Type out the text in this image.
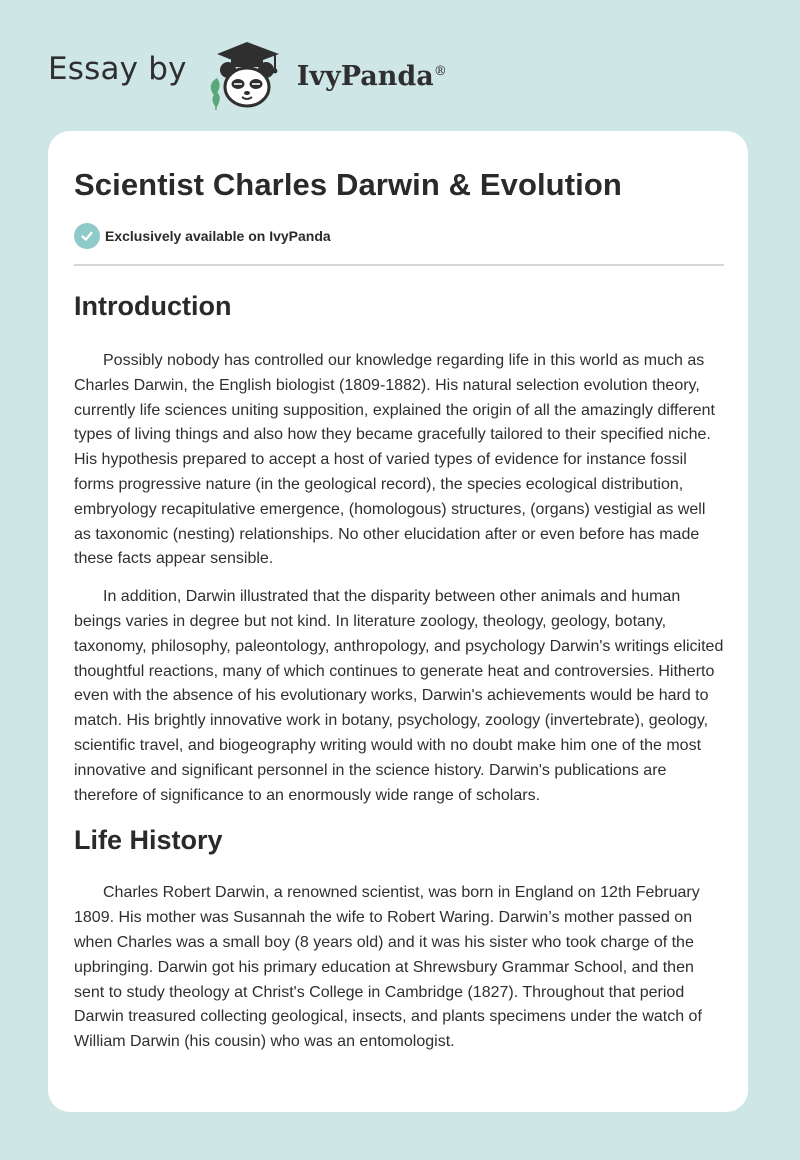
Essay by	IvyPanda®
Scientist Charles Darwin & Evolution
Exclusively available on IvyPanda
Introduction

Possibly nobody has controlled our knowledge regarding life in this world as much as Charles Darwin, the English biologist (1809-1882). His natural selection evolution theory, currently life sciences uniting supposition, explained the origin of all the amazingly different types of living things and also how they became gracefully tailored to their specified niche. His hypothesis prepared to accept a host of varied types of evidence for instance fossil forms progressive nature (in the geological record), the species ecological distribution, embryology recapitulative emergence, (homologous) structures, (organs) vestigial as well as taxonomic (nesting) relationships. No other elucidation after or even before has made these facts appear sensible.

In addition, Darwin illustrated that the disparity between other animals and human beings varies in degree but not kind. In literature zoology, theology, geology, botany, taxonomy, philosophy, paleontology, anthropology, and psychology Darwin's writings elicited thoughtful reactions, many of which continues to generate heat and controversies. Hitherto even with the absence of his evolutionary works, Darwin's achievements would be hard to match. His brightly innovative work in botany, psychology, zoology (invertebrate), geology, scientific travel, and biogeography writing would with no doubt make him one of the most innovative and significant personnel in the science history. Darwin's publications are therefore of significance to an enormously wide range of scholars.

Life History

Charles Robert Darwin, a renowned scientist, was born in England on 12th February 1809. His mother was Susannah the wife to Robert Waring. Darwin’s mother passed on when Charles was a small boy (8 years old) and it was his sister who took charge of the upbringing. Darwin got his primary education at Shrewsbury Grammar School, and then sent to study theology at Christ's College in Cambridge (1827). Throughout that period Darwin treasured collecting geological, insects, and plants specimens under the watch of William Darwin (his cousin) who was an entomologist.
